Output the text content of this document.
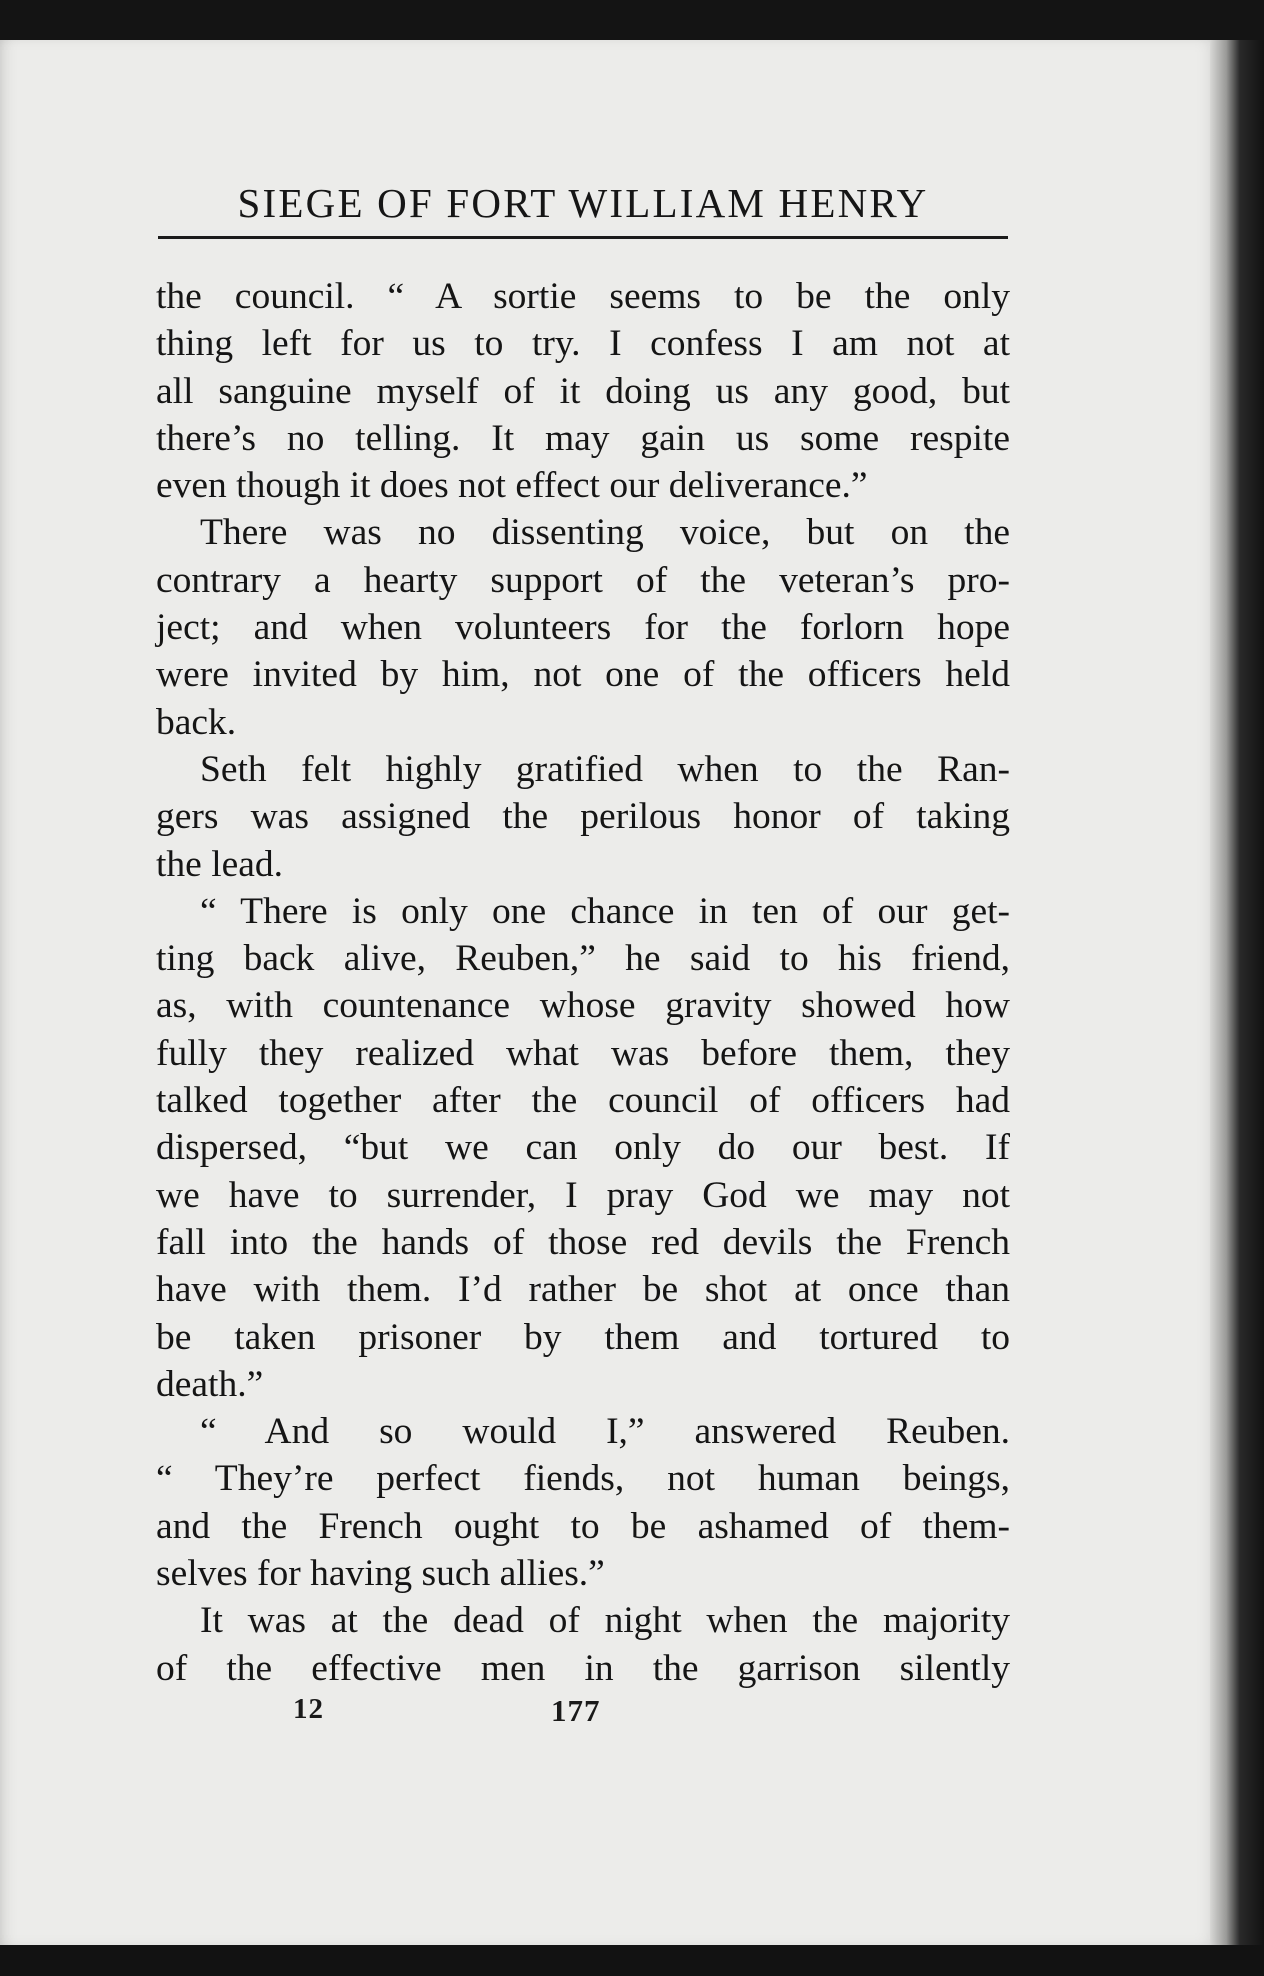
SIEGE OF FORT WILLIAM HENRY
the council. “ A sortie seems to be the only
thing left for us to try. I confess I am not at
all sanguine myself of it doing us any good, but
there’s no telling. It may gain us some respite
even though it does not effect our deliverance.”
There was no dissenting voice, but on the
contrary a hearty support of the veteran’s pro-
ject; and when volunteers for the forlorn hope
were invited by him, not one of the officers held
back.
Seth felt highly gratified when to the Ran-
gers was assigned the perilous honor of taking
the lead.
“ There is only one chance in ten of our get-
ting back alive, Reuben,” he said to his friend,
as, with countenance whose gravity showed how
fully they realized what was before them, they
talked together after the council of officers had
dispersed, “but we can only do our best. If
we have to surrender, I pray God we may not
fall into the hands of those red devils the French
have with them. I’d rather be shot at once than
be taken prisoner by them and tortured to
death.”
“ And so would I,” answered Reuben.
“ They’re perfect fiends, not human beings,
and the French ought to be ashamed of them-
selves for having such allies.”
It was at the dead of night when the majority
of the effective men in the garrison silently
12	177
